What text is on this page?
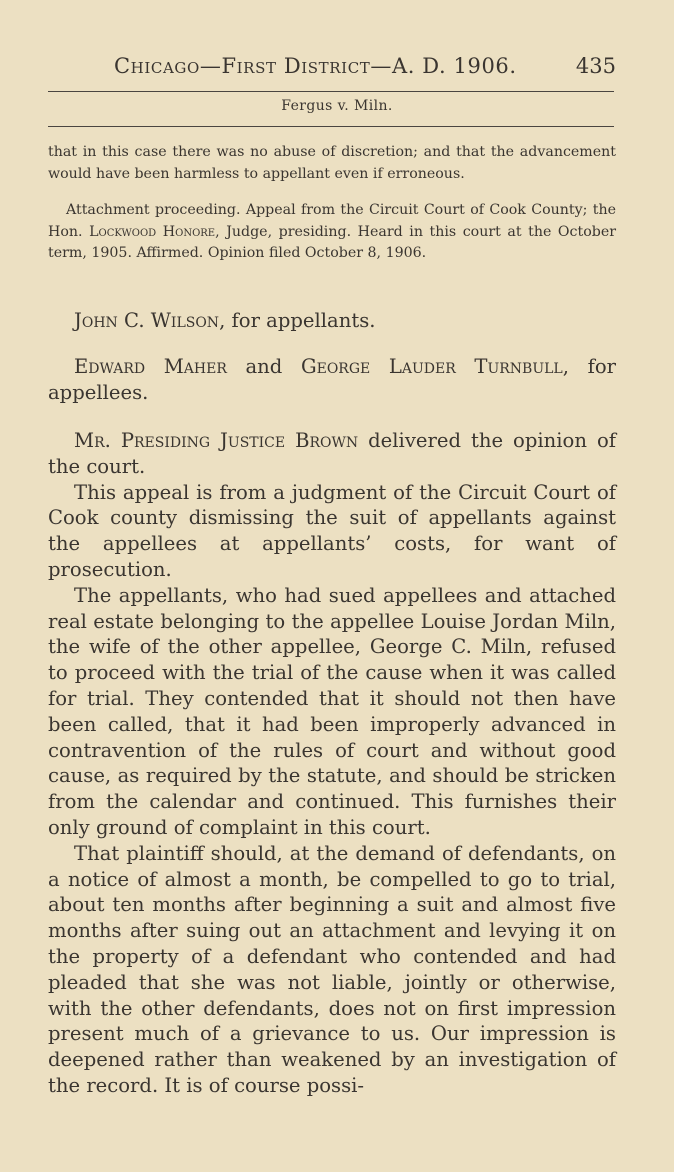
Chicago—First District—A. D. 1906.	435
Fergus v. Miln.

that in this case there was no abuse of discretion; and that the advancement would have been harmless to appellant even if erroneous.

Attachment proceeding. Appeal from the Circuit Court of Cook County; the Hon. Lockwood Honore, Judge, presiding. Heard in this court at the October term, 1905. Affirmed. Opinion filed October 8, 1906.

John C. Wilson, for appellants.

Edward Maher and George Lauder Turnbull, for appellees.

Mr. Presiding Justice Brown delivered the opinion of the court.

This appeal is from a judgment of the Circuit Court of Cook county dismissing the suit of appellants against the appellees at appellants’ costs, for want of prosecution.

The appellants, who had sued appellees and attached real estate belonging to the appellee Louise Jordan Miln, the wife of the other appellee, George C. Miln, refused to proceed with the trial of the cause when it was called for trial. They contended that it should not then have been called, that it had been improperly advanced in contravention of the rules of court and without good cause, as required by the statute, and should be stricken from the calendar and continued. This furnishes their only ground of complaint in this court.

That plaintiff should, at the demand of defendants, on a notice of almost a month, be compelled to go to trial, about ten months after beginning a suit and almost five months after suing out an attachment and levying it on the property of a defendant who contended and had pleaded that she was not liable, jointly or otherwise, with the other defendants, does not on first impression present much of a grievance to us. Our impression is deepened rather than weakened by an investigation of the record. It is of course possi-
